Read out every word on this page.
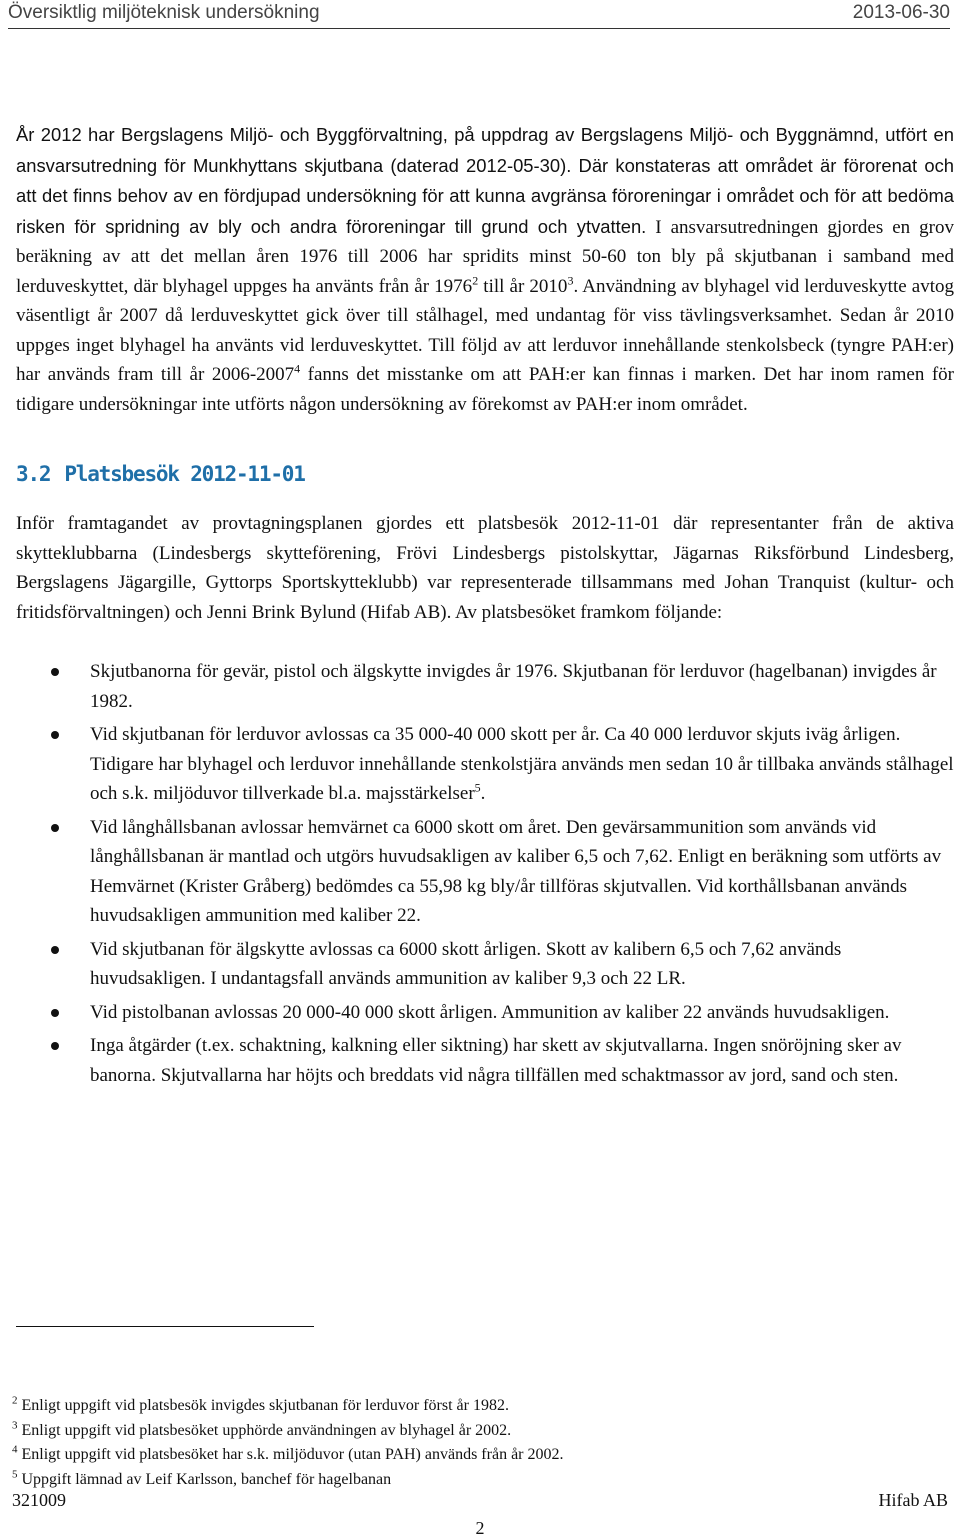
Översiktlig miljöteknisk undersökning	2013-06-30

År 2012 har Bergslagens Miljö- och Byggförvaltning, på uppdrag av Bergslagens Miljö- och Byggnämnd, utfört en ansvarsutredning för Munkhyttans skjutbana (daterad 2012-05-30). Där konstateras att området är förorenat och att det finns behov av en fördjupad undersökning för att kunna avgränsa föroreningar i området och för att bedöma risken för spridning av bly och andra föroreningar till grund och ytvatten. I ansvarsutredningen gjordes en grov beräkning av att det mellan åren 1976 till 2006 har spridits minst 50-60 ton bly på skjutbanan i samband med lerduveskyttet, där blyhagel uppges ha använts från år 1976$^2$ till år 2010$^3$. Användning av blyhagel vid lerduveskytte avtog väsentligt år 2007 då lerduveskyttet gick över till stålhagel, med undantag för viss tävlingsverksamhet. Sedan år 2010 uppges inget blyhagel ha använts vid lerduveskyttet. Till följd av att lerduvor innehållande stenkolsbeck (tyngre PAH:er) har används fram till år 2006-2007$^4$ fanns det misstanke om att PAH:er kan finnas i marken. Det har inom ramen för tidigare undersökningar inte utförts någon undersökning av förekomst av PAH:er inom området.

3.2 Platsbesök 2012-11-01

Inför framtagandet av provtagningsplanen gjordes ett platsbesök 2012-11-01 där representanter från de aktiva skytteklubbarna (Lindesbergs skytteförening, Frövi Lindesbergs pistolskyttar, Jägarnas Riksförbund Lindesberg, Bergslagens Jägargille, Gyttorps Sportskytteklubb) var representerade tillsammans med Johan Tranquist (kultur- och fritidsförvaltningen) och Jenni Brink Bylund (Hifab AB). Av platsbesöket framkom följande:

Skjutbanorna för gevär, pistol och älgskytte invigdes år 1976. Skjutbanan för lerduvor (hagelbanan) invigdes år 1982.
Vid skjutbanan för lerduvor avlossas ca 35 000-40 000 skott per år. Ca 40 000 lerduvor skjuts iväg årligen. Tidigare har blyhagel och lerduvor innehållande stenkolstjära används men sedan 10 år tillbaka används stålhagel och s.k. miljöduvor tillverkade bl.a. majsstärkelser$^5$.
Vid långhållsbanan avlossar hemvärnet ca 6000 skott om året. Den gevärsammunition som används vid långhållsbanan är mantlad och utgörs huvudsakligen av kaliber 6,5 och 7,62. Enligt en beräkning som utförts av Hemvärnet (Krister Gråberg) bedömdes ca 55,98 kg bly/år tillföras skjutvallen. Vid korthållsbanan används huvudsakligen ammunition med kaliber 22.
Vid skjutbanan för älgskytte avlossas ca 6000 skott årligen. Skott av kalibern 6,5 och 7,62 används huvudsakligen. I undantagsfall används ammunition av kaliber 9,3 och 22 LR.
Vid pistolbanan avlossas 20 000-40 000 skott årligen. Ammunition av kaliber 22 används huvudsakligen.
Inga åtgärder (t.ex. schaktning, kalkning eller siktning) har skett av skjutvallarna. Ingen snöröjning sker av banorna. Skjutvallarna har höjts och breddats vid några tillfällen med schaktmassor av jord, sand och sten.
$^2$ Enligt uppgift vid platsbesök invigdes skjutbanan för lerduvor först år 1982.
$^3$ Enligt uppgift vid platsbesöket upphörde användningen av blyhagel år 2002.
$^4$ Enligt uppgift vid platsbesöket har s.k. miljöduvor (utan PAH) används från år 2002.
$^5$ Uppgift lämnad av Leif Karlsson, banchef för hagelbanan
321009	Hifab AB
2
